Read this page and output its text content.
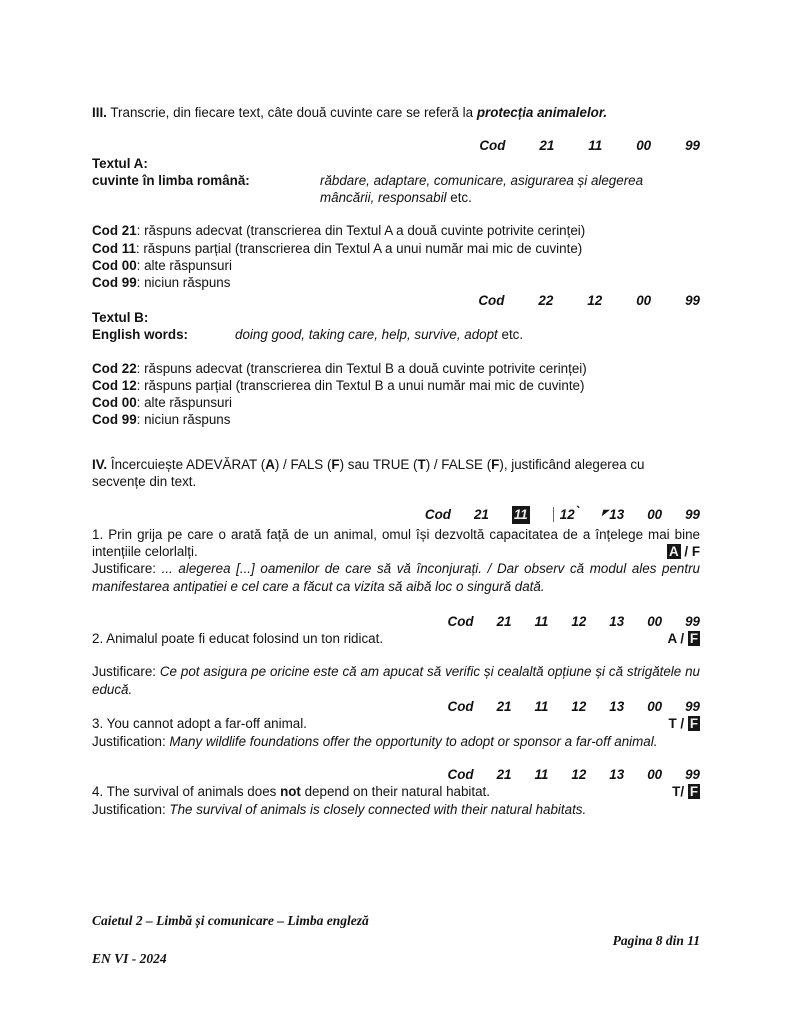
III. Transcrie, din fiecare text, câte două cuvinte care se referă la protecția animalelor.

Cod	21	11	00	99

Textul A:

cuvinte în limba română:	răbdare, adaptare, comunicare, asigurarea și alegerea mâncării, responsabil etc.

Cod 21: răspuns adecvat (transcrierea din Textul A a două cuvinte potrivite cerinței)

Cod 11: răspuns parțial (transcrierea din Textul A a unui număr mai mic de cuvinte)

Cod 00: alte răspunsuri

Cod 99: niciun răspuns

Cod	22	12	00	99

Textul B:

English words:	doing good, taking care, help, survive, adopt etc.

Cod 22: răspuns adecvat (transcrierea din Textul B a două cuvinte potrivite cerinței)

Cod 12: răspuns parțial (transcrierea din Textul B a unui număr mai mic de cuvinte)

Cod 00: alte răspunsuri

Cod 99: niciun răspuns

IV. Încercuiește ADEVĂRAT (A) / FALS (F) sau TRUE (T) / FALSE (F), justificând alegerea cu secvențe din text.

Cod 21 11	12 `	◤ 13 00 99

1. Prin grija pe care o arată față de un animal, omul își dezvoltă capacitatea de a înțelege mai bine intențiile celorlalți.	A / F

Justificare: ... alegerea [...] oamenilor de care să vă înconjurați. / Dar observ că modul ales pentru manifestarea antipatiei e cel care a făcut ca vizita să aibă loc o singură dată.

Cod 21 11 12 13 00 99
2. Animalul poate fi educat folosind un ton ridicat.	A / F

Justificare: Ce pot asigura pe oricine este că am apucat să verific și cealaltă opțiune și că strigătele nu educă.

Cod 21 11 12 13 00 99
3. You cannot adopt a far-off animal.	T / F

Justification: Many wildlife foundations offer the opportunity to adopt or sponsor a far-off animal.

Cod 21 11 12 13 00 99
4. The survival of animals does not depend on their natural habitat.	T/ F

Justification: The survival of animals is closely connected with their natural habitats.

Caietul 2 – Limbă și comunicare – Limba engleză
Pagina 8 din 11
EN VI - 2024
